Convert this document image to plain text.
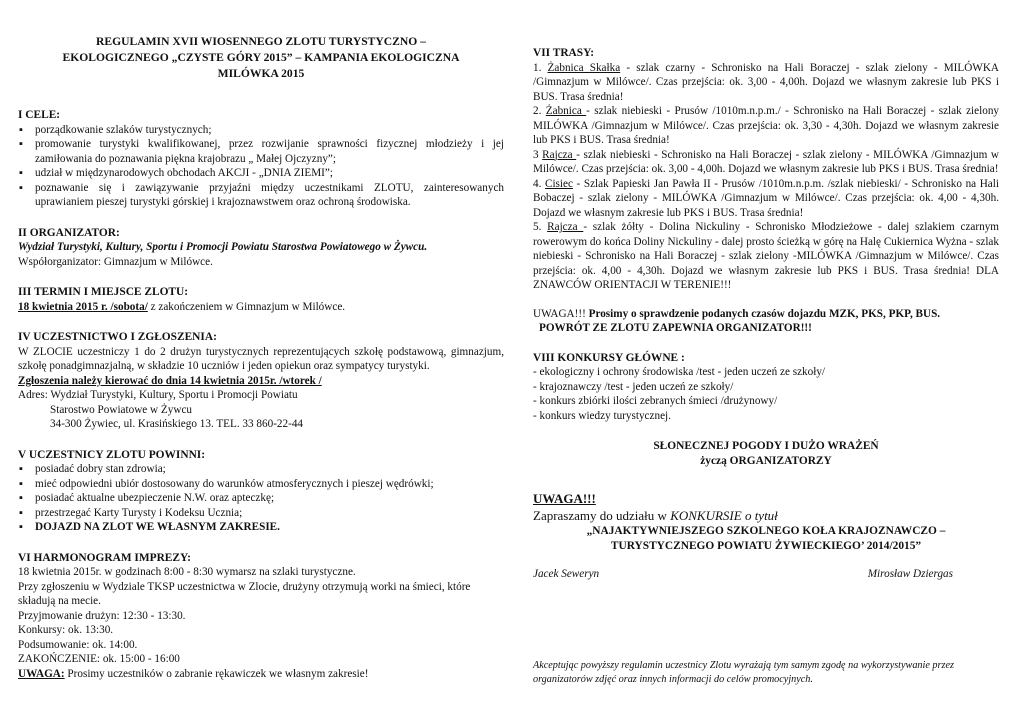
REGULAMIN XVII WIOSENNEGO ZLOTU TURYSTYCZNO –
EKOLOGICZNEGO „CZYSTE GÓRY 2015” – KAMPANIA EKOLOGICZNA
MILÓWKA 2015
I CELE:
▪ porządkowanie szlaków turystycznych;
▪ promowanie turystyki kwalifikowanej, przez rozwijanie sprawności fizycznej młodzieży i jej zamiłowania do poznawania piękna krajobrazu „ Małej Ojczyzny”;
▪ udział w międzynarodowych obchodach AKCJI - „DNIA ZIEMI”;
▪ poznawanie się i zawiązywanie przyjaźni między uczestnikami ZLOTU, zainteresowanych uprawianiem pieszej turystyki górskiej i krajoznawstwem oraz ochroną środowiska.
II ORGANIZATOR:
Wydział Turystyki, Kultury, Sportu i Promocji Powiatu Starostwa Powiatowego w Żywcu.
Współorganizator: Gimnazjum w Milówce.
III TERMIN I MIEJSCE ZLOTU:
18 kwietnia 2015 r. /sobota/ z zakończeniem w Gimnazjum w Milówce.
IV UCZESTNICTWO I ZGŁOSZENIA:
W ZLOCIE uczestniczy 1 do 2 drużyn turystycznych reprezentujących szkołę podstawową, gimnazjum, szkołę ponadgimnazjalną, w składzie 10 uczniów i jeden opiekun oraz sympatycy turystyki.
Zgłoszenia należy kierować do dnia 14 kwietnia 2015r. /wtorek /
Adres: Wydział Turystyki, Kultury, Sportu i Promocji Powiatu
Starostwo Powiatowe w Żywcu
34-300 Żywiec, ul. Krasińskiego 13. TEL. 33 860-22-44
V UCZESTNICY ZLOTU POWINNI:
▪ posiadać dobry stan zdrowia;
▪ mieć odpowiedni ubiór dostosowany do warunków atmosferycznych i pieszej wędrówki;
▪ posiadać aktualne ubezpieczenie N.W. oraz apteczkę;
▪ przestrzegać Karty Turysty i Kodeksu Ucznia;
▪ DOJAZD NA ZLOT WE WŁASNYM ZAKRESIE.
VI HARMONOGRAM IMPREZY:
18 kwietnia 2015r. w godzinach 8:00 - 8:30 wymarsz na szlaki turystyczne.
Przy zgłoszeniu w Wydziale TKSP uczestnictwa w Zlocie, drużyny otrzymują worki na śmieci, które składują na mecie.
Przyjmowanie drużyn: 12:30 - 13:30.
Konkursy: ok. 13:30.
Podsumowanie: ok. 14:00.
ZAKOŃCZENIE: ok. 15:00 - 16:00
UWAGA: Prosimy uczestników o zabranie rękawiczek we własnym zakresie!
VII TRASY:
1. Żabnica Skałka - szlak czarny - Schronisko na Hali Boraczej - szlak zielony - MILÓWKA /Gimnazjum w Milówce/. Czas przejścia: ok. 3,00 - 4,00h. Dojazd we własnym zakresie lub PKS i BUS. Trasa średnia!
2. Żabnica - szlak niebieski - Prusów /1010m.n.p.m./ - Schronisko na Hali Boraczej - szlak zielony MILÓWKA /Gimnazjum w Milówce/. Czas przejścia: ok. 3,30 - 4,30h. Dojazd we własnym zakresie lub PKS i BUS. Trasa średnia!
3 Rajcza - szlak niebieski - Schronisko na Hali Boraczej - szlak zielony - MILÓWKA /Gimnazjum w Milówce/. Czas przejścia: ok. 3,00 - 4,00h. Dojazd we własnym zakresie lub PKS i BUS. Trasa średnia!
4. Cisiec - Szlak Papieski Jan Pawła II - Prusów /1010m.n.p.m. /szlak niebieski/ - Schronisko na Hali Bobaczej - szlak zielony - MILÓWKA /Gimnazjum w Milówce/. Czas przejścia: ok. 4,00 - 4,30h. Dojazd we własnym zakresie lub PKS i BUS. Trasa średnia!
5. Rajcza - szlak żółty - Dolina Nickuliny - Schronisko Młodzieżowe - dalej szlakiem czarnym rowerowym do końca Doliny Nickuliny - dalej prosto ścieżką w górę na Halę Cukiernica Wyżna - szlak niebieski - Schronisko na Hali Boraczej - szlak zielony -MILÓWKA /Gimnazjum w Milówce/. Czas przejścia: ok. 4,00 - 4,30h. Dojazd we własnym zakresie lub PKS i BUS. Trasa średnia! DLA ZNAWCÓW ORIENTACJI W TERENIE!!!
UWAGA!!! Prosimy o sprawdzenie podanych czasów dojazdu MZK, PKS, PKP, BUS.
POWRÓT ZE ZLOTU ZAPEWNIA ORGANIZATOR!!!
VIII KONKURSY GŁÓWNE :
- ekologiczny i ochrony środowiska /test - jeden uczeń ze szkoły/
- krajoznawczy /test - jeden uczeń ze szkoły/
- konkurs zbiórki ilości zebranych śmieci /drużynowy/
- konkurs wiedzy turystycznej.
SŁONECZNEJ POGODY I DUŻO WRAŻEŃ
życzą ORGANIZATORZY
UWAGA!!!
Zapraszamy do udziału w KONKURSIE o tytuł
„NAJAKTYWNIEJSZEGO SZKOLNEGO KOŁA KRAJOZNAWCZO –
TURYSTYCZNEGO POWIATU ŻYWIECKIEGO’ 2014/2015”
Jacek Seweryn	Mirosław Dziergas
Akceptując powyższy regulamin uczestnicy Zlotu wyrażają tym samym zgodę na wykorzystywanie przez organizatorów zdjęć oraz innych informacji do celów promocyjnych.
